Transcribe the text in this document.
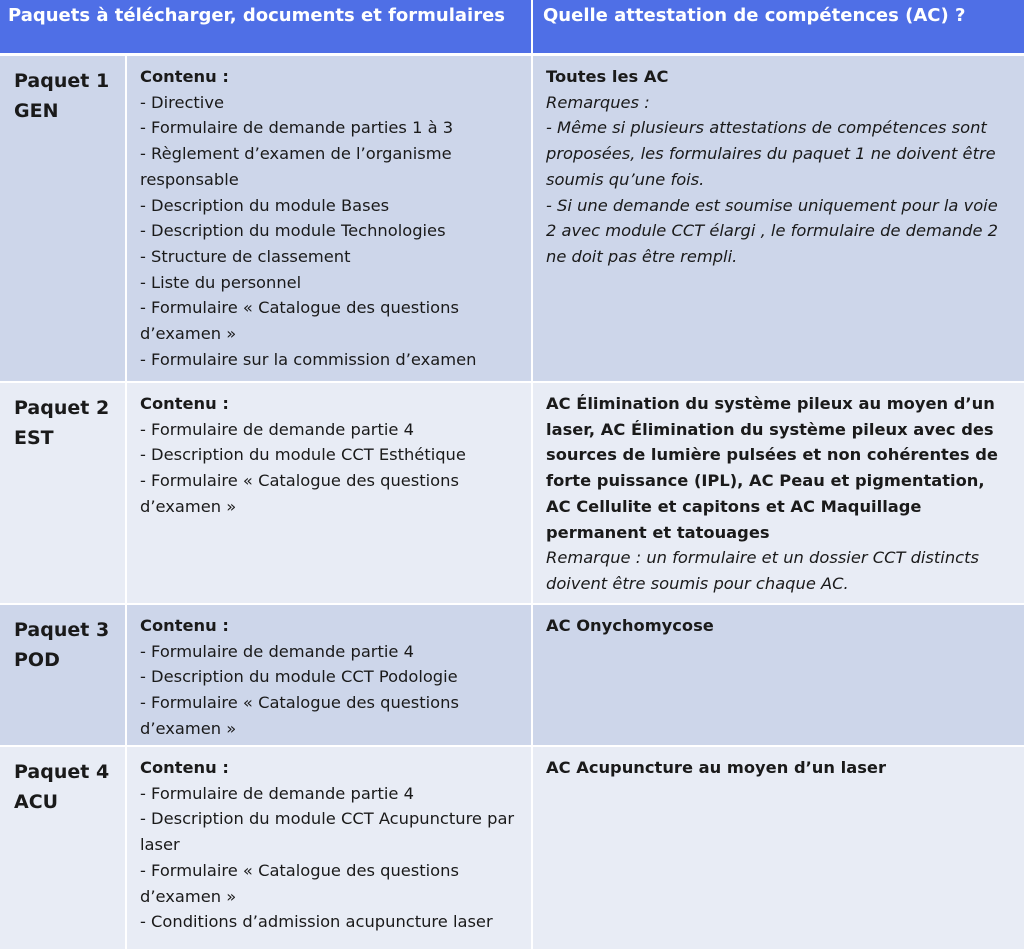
Paquets à télécharger, documents et formulaires	Quelle attestation de compétences (AC) ?
Paquet 1
GEN
Contenu :
- Directive
- Formulaire de demande parties 1 à 3
- Règlement d’examen de l’organisme responsable
- Description du module Bases
- Description du module Technologies
- Structure de classement
- Liste du personnel
- Formulaire « Catalogue des questions d’examen »
- Formulaire sur la commission d’examen
Toutes les AC
Remarques :
- Même si plusieurs attestations de compétences sont proposées, les formulaires du paquet 1 ne doivent être soumis qu’une fois.
- Si une demande est soumise uniquement pour la voie 2 avec module CCT élargi , le formulaire de demande 2 ne doit pas être rempli.
Paquet 2
EST
Contenu :
- Formulaire de demande partie 4
- Description du module CCT Esthétique
- Formulaire « Catalogue des questions d’examen »
AC Élimination du système pileux au moyen d’un laser, AC Élimination du système pileux avec des sources de lumière pulsées et non cohérentes de forte puissance (IPL), AC Peau et pigmentation, AC Cellulite et capitons et AC Maquillage permanent et tatouages
Remarque : un formulaire et un dossier CCT distincts doivent être soumis pour chaque AC.
Paquet 3
POD
Contenu :
- Formulaire de demande partie 4
- Description du module CCT Podologie
- Formulaire « Catalogue des questions d’examen »
AC Onychomycose
Paquet 4
ACU
Contenu :
- Formulaire de demande partie 4
- Description du module CCT Acupuncture par laser
- Formulaire « Catalogue des questions d’examen »
- Conditions d’admission acupuncture laser
AC Acupuncture au moyen d’un laser
